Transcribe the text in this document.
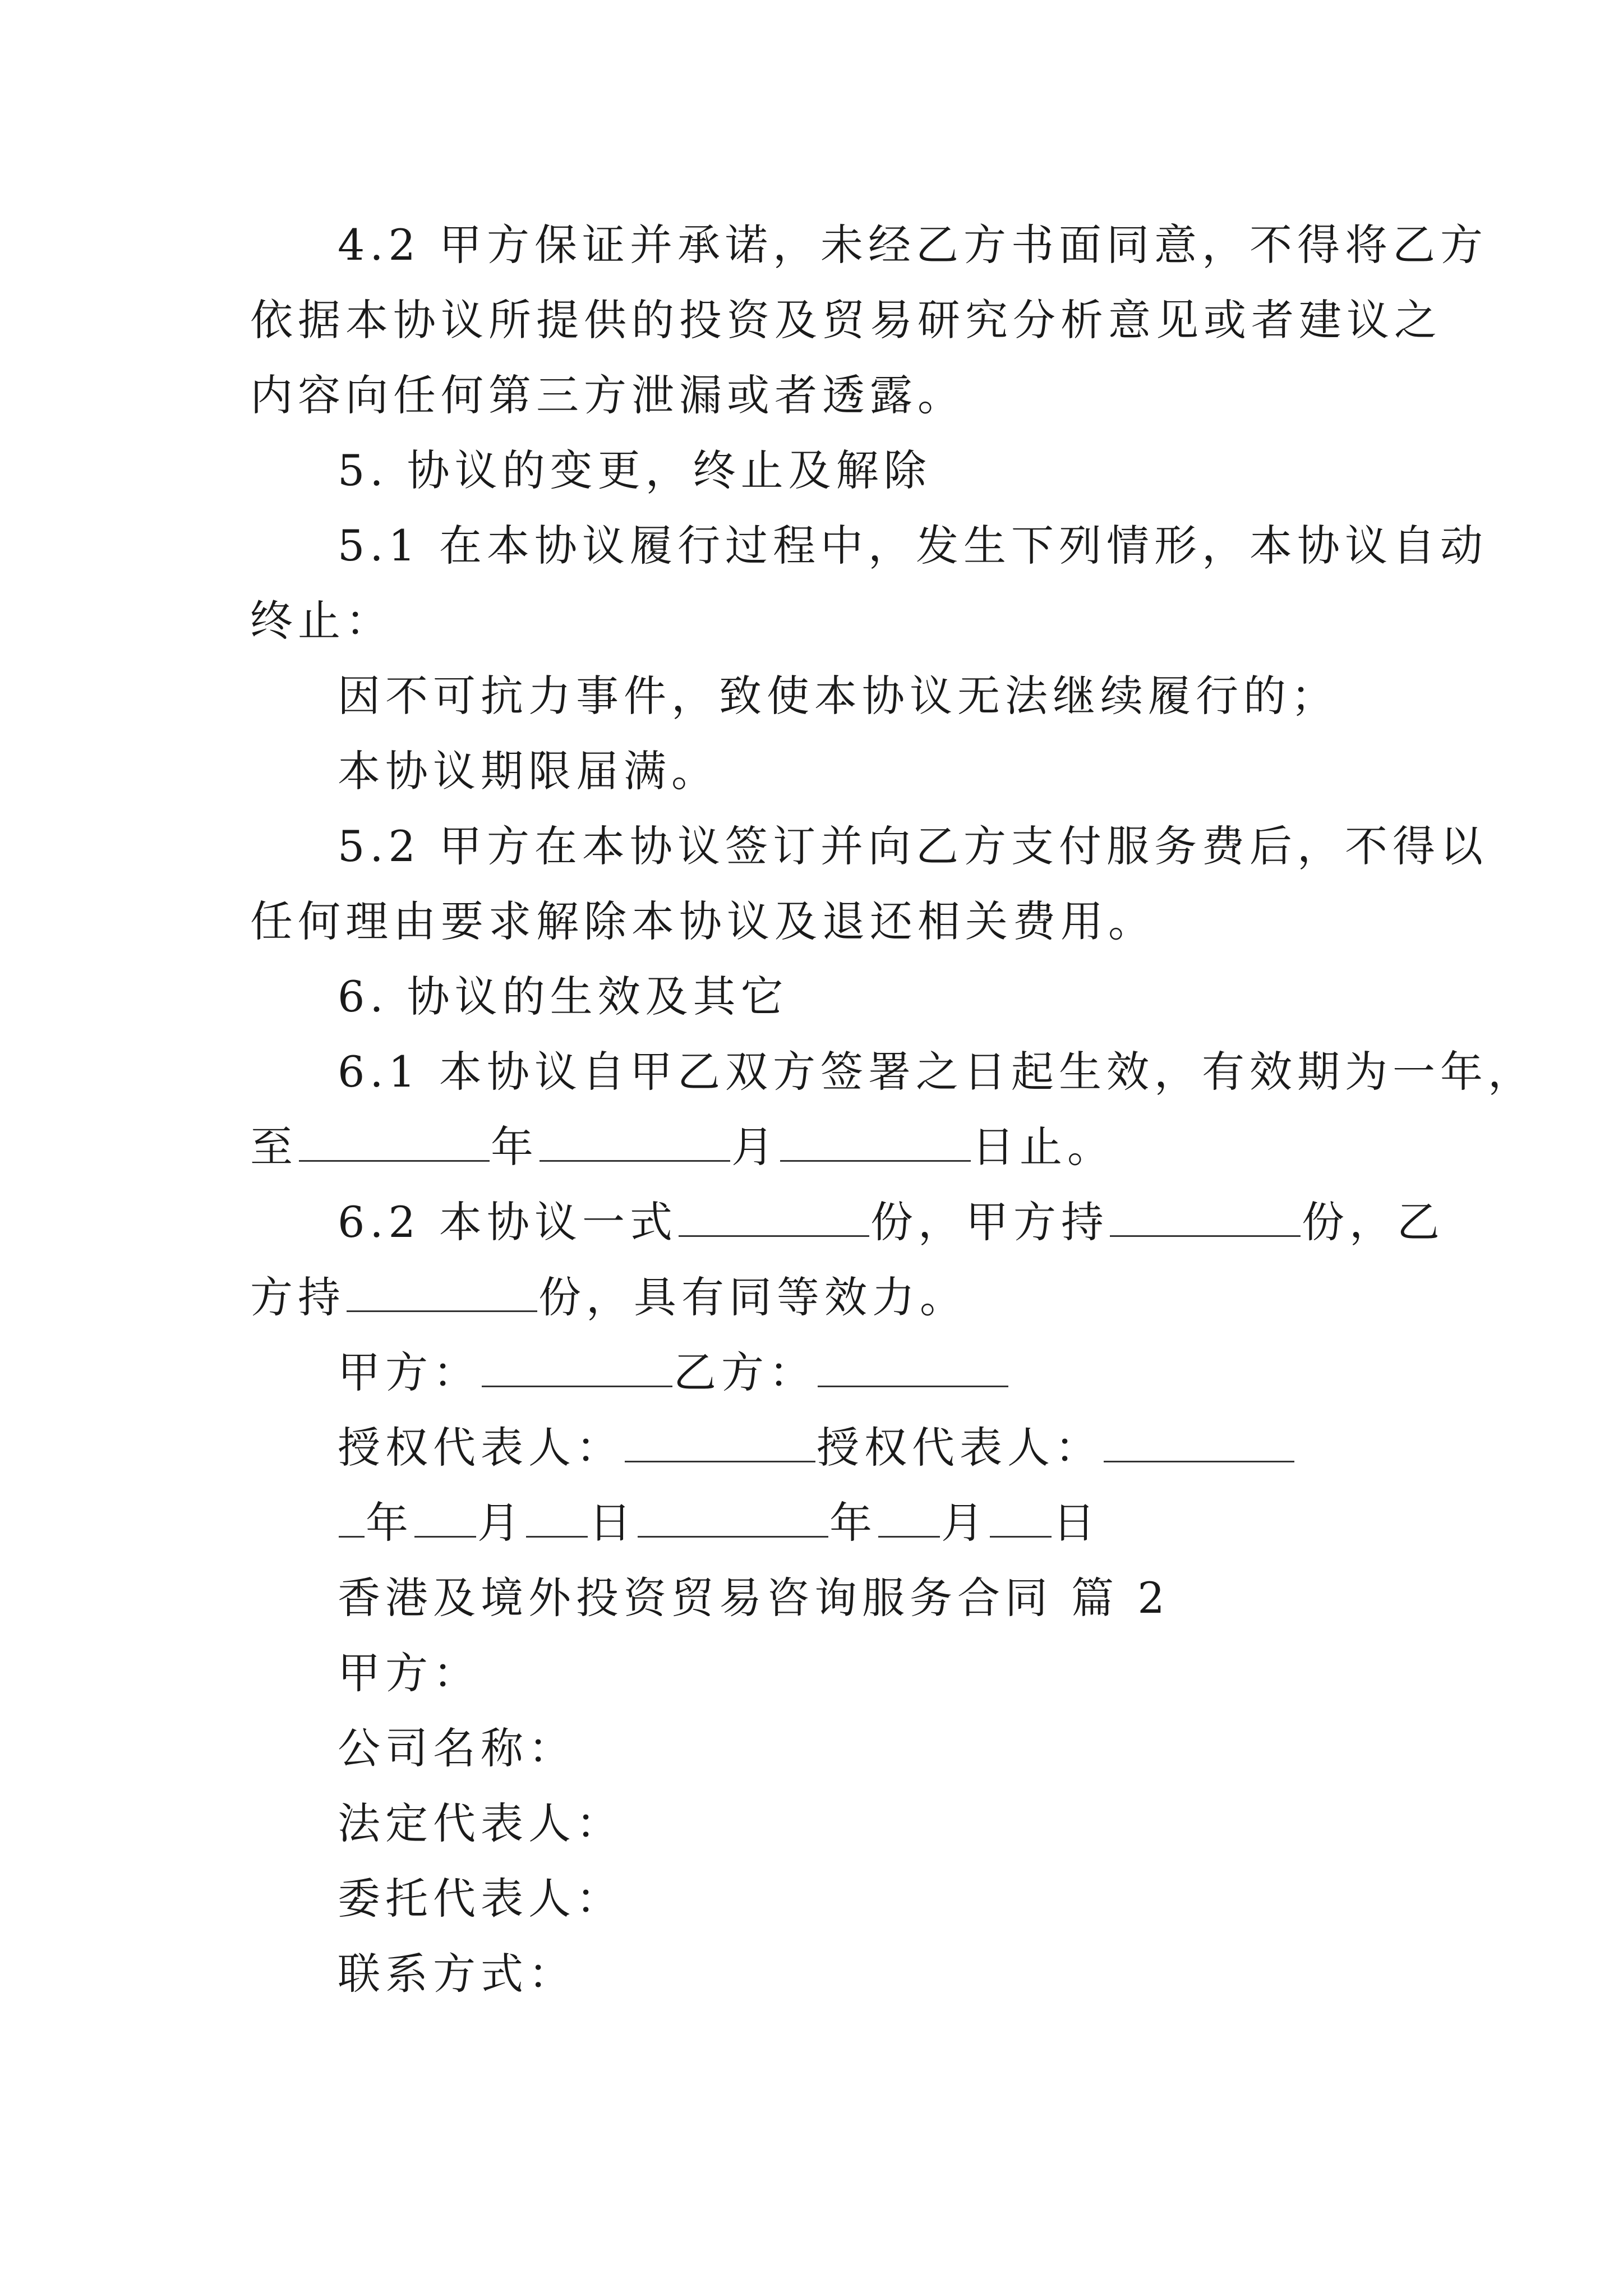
4.2 甲方保证并承诺，未经乙方书面同意，不得将乙方
依据本协议所提供的投资及贸易研究分析意见或者建议之
内容向任何第三方泄漏或者透露。
5. 协议的变更，终止及解除
5.1 在本协议履行过程中，发生下列情形，本协议自动
终止：
因不可抗力事件，致使本协议无法继续履行的；
本协议期限届满。
5.2 甲方在本协议签订并向乙方支付服务费后，不得以
任何理由要求解除本协议及退还相关费用。
6. 协议的生效及其它
6.1 本协议自甲乙双方签署之日起生效，有效期为一年，
至	年	月	日止。
6.2 本协议一式	份，甲方持	份，乙
方持	份，具有同等效力。
甲方：	乙方：
授权代表人：	授权代表人：
年 月 日	年 月 日
香港及境外投资贸易咨询服务合同 篇 2
甲方：
公司名称：
法定代表人：
委托代表人：
联系方式：
